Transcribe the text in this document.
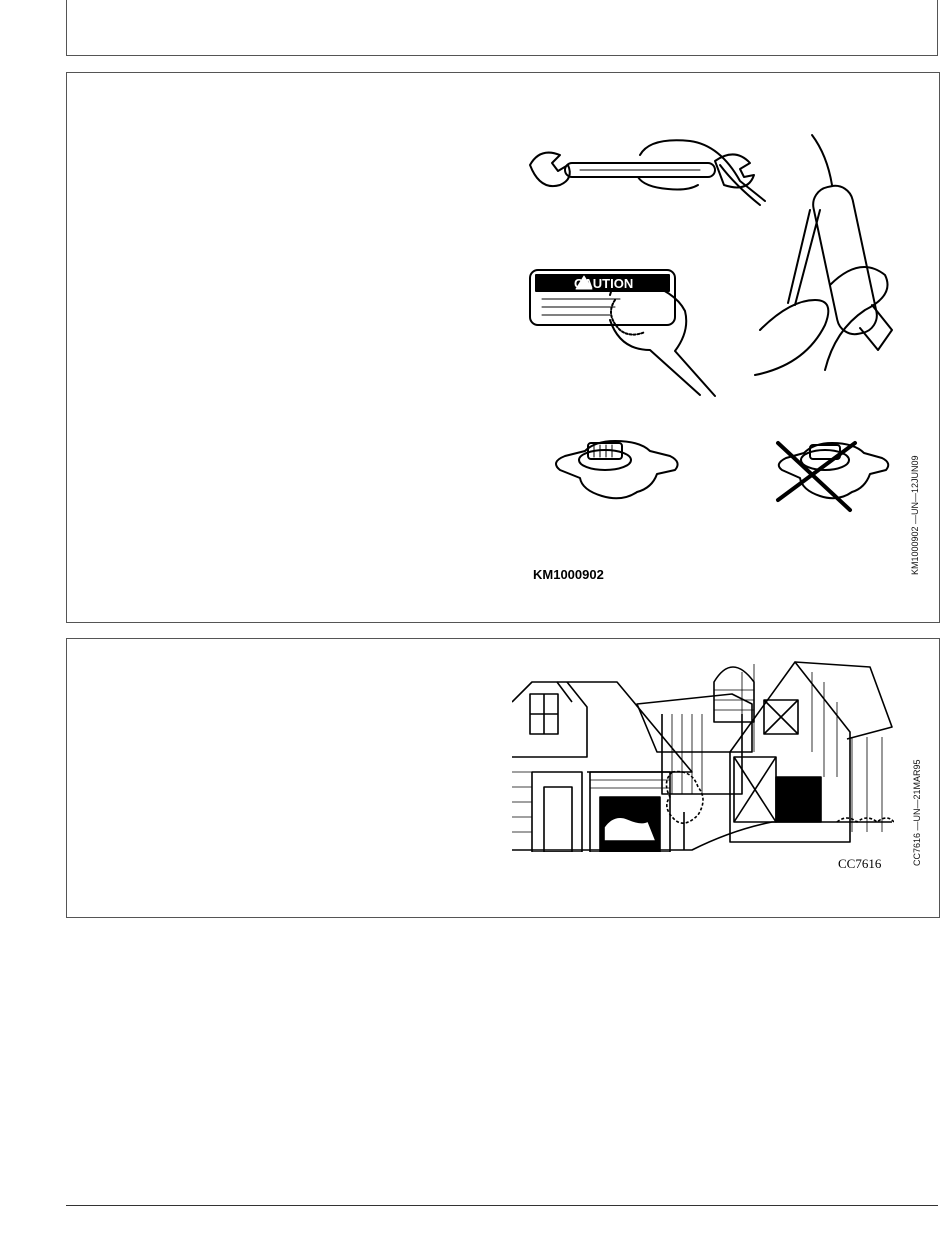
CAUTION
KM1000902	KM1000902 —UN—12JUN09
CC7616	CC7616 —UN—21MAR95
